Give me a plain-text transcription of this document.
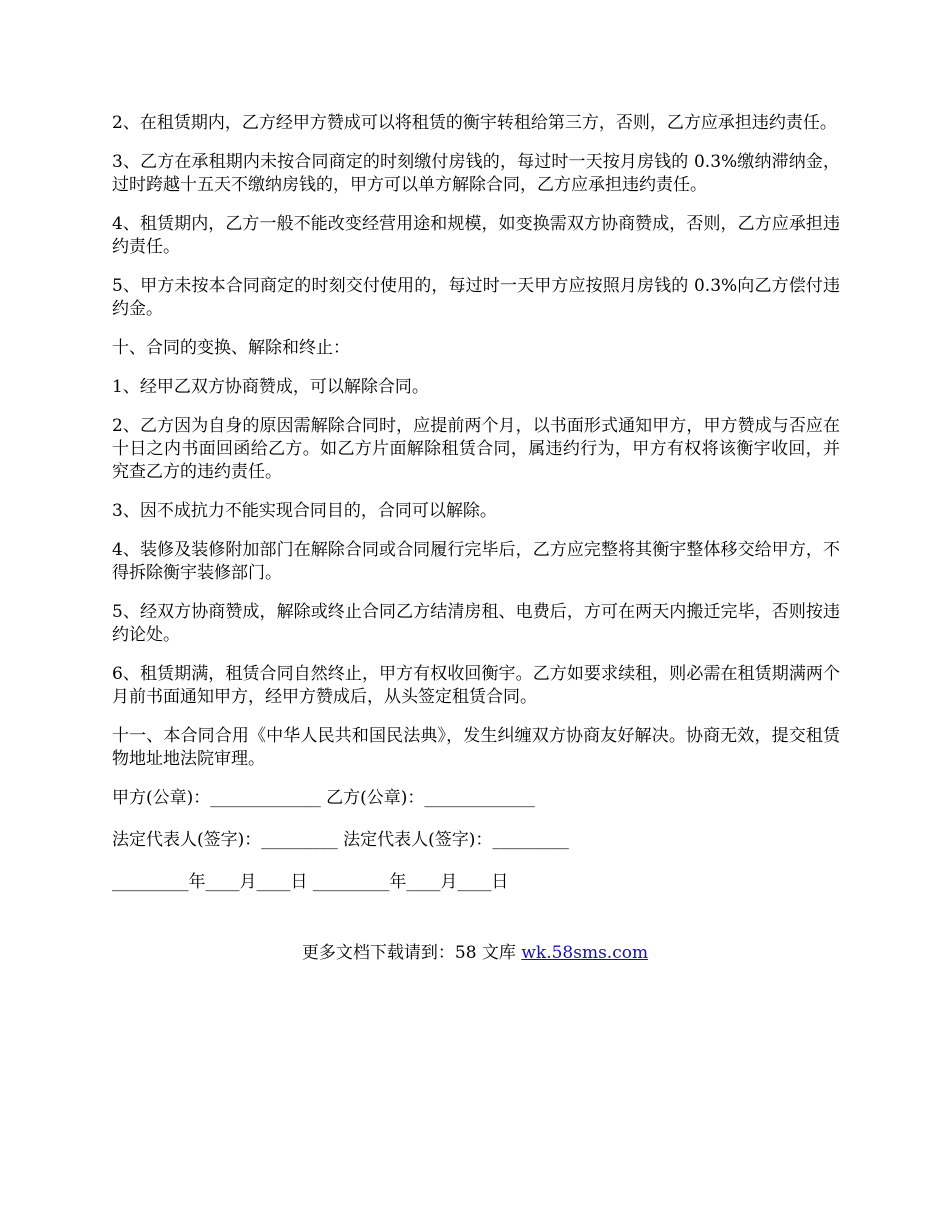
2、在租赁期内，乙方经甲方赞成可以将租赁的衡宇转租给第三方，否则，乙方应承担违约责任。

3、乙方在承租期内未按合同商定的时刻缴付房钱的，每过时一天按月房钱的 0.3%缴纳滞纳金，过时跨越十五天不缴纳房钱的，甲方可以单方解除合同，乙方应承担违约责任。

4、租赁期内，乙方一般不能改变经营用途和规模，如变换需双方协商赞成，否则，乙方应承担违约责任。

5、甲方未按本合同商定的时刻交付使用的，每过时一天甲方应按照月房钱的 0.3%向乙方偿付违约金。

十、合同的变换、解除和终止：

1、经甲乙双方协商赞成，可以解除合同。

2、乙方因为自身的原因需解除合同时，应提前两个月，以书面形式通知甲方，甲方赞成与否应在十日之内书面回函给乙方。如乙方片面解除租赁合同，属违约行为，甲方有权将该衡宇收回，并究查乙方的违约责任。

3、因不成抗力不能实现合同目的，合同可以解除。

4、装修及装修附加部门在解除合同或合同履行完毕后，乙方应完整将其衡宇整体移交给甲方，不得拆除衡宇装修部门。

5、经双方协商赞成，解除或终止合同乙方结清房租、电费后，方可在两天内搬迁完毕，否则按违约论处。

6、租赁期满，租赁合同自然终止，甲方有权收回衡宇。乙方如要求续租，则必需在租赁期满两个月前书面通知甲方，经甲方赞成后，从头签定租赁合同。

十一、本合同合用《中华人民共和国民法典》，发生纠缠双方协商友好解决。协商无效，提交租赁物地址地法院审理。

甲方(公章)：_____________ 乙方(公章)：_____________
法定代表人(签字)：_________ 法定代表人(签字)：_________
_________年____月____日 _________年____月____日
更多文档下载请到：58 文库 wk.58sms.com
